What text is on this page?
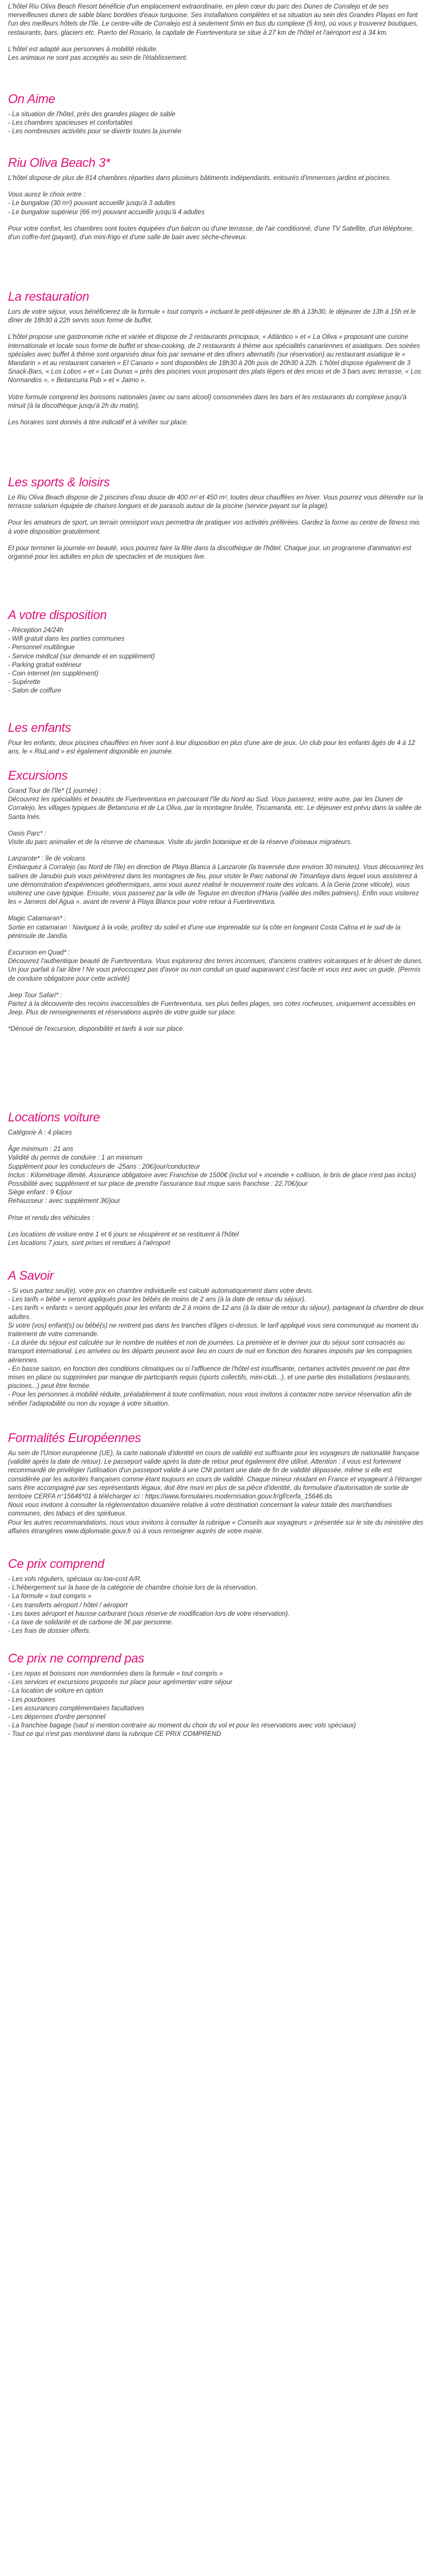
L'hôtel Riu Oliva Beach Resort bénéficie d'un emplacement extraordinaire, en plein cœur du parc des Dunes de Corralejo et de ses merveilleuses dunes de sable blanc bordées d'eaux turquoise. Ses installations complètes et sa situation au sein des Grandes Playas en font l'un des meilleurs hôtels de l'île. Le centre-ville de Corralejo est à seulement 5min en bus du complexe (5 km), où vous y trouverez boutiques, restaurants, bars, glaciers etc. Puerto del Rosario, la capitale de Fuerteventura se situe à 27 km de l'hôtel et l'aéroport est à 34 km.

L'hôtel est adapté aux personnes à mobilité réduite.

Les animaux ne sont pas acceptés au sein de l'établissement.

On Aime

- La situation de l'hôtel, près des grandes plages de sable

- Les chambres spacieuses et confortables

- Les nombreuses activités pour se divertir toutes la journée

Riu Oliva Beach 3*

L'hôtel dispose de plus de 814 chambres réparties dans plusieurs bâtiments indépendants, entourés d'immenses jardins et piscines.

Vous aurez le choix entre :

- Le bungalow (30 m²) pouvant accueillir jusqu'à 3 adultes

- Le bungalow supérieur (66 m²) pouvant accueillir jusqu'à 4 adultes

Pour votre confort, les chambres sont toutes équipées d'un balcon ou d'une terrasse, de l'air conditionné, d'une TV Satellite, d'un téléphone, d'un coffre-fort (payant), d'un mini-frigo et d'une salle de bain avec sèche-cheveux.

La restauration

Lors de votre séjour, vous bénéficierez de la formule « tout compris » incluant le petit-déjeuner de 8h à 13h30, le déjeuner de 13h à 15h et le dîner de 18h30 à 22h servis sous forme de buffet.

L'hôtel propose une gastronomie riche et variée et dispose de 2 restaurants principaux, « Atlántico » et « La Oliva » proposant une cuisine internationale et locale sous forme de buffet et show-cooking, de 2 restaurants à thème aux spécialités canariennes et asiatiques. Des soirées spéciales avec buffet à thème sont organisés deux fois par semaine et des dîners alternatifs (sur réservation) au restaurant asiatique le « Mandarin » et au restaurant canarien « El Canario » sont disponibles de 18h30 à 20h puis de 20h30 à 22h. L'hôtel dispose également de 3 Snack-Bars, « Los Lobos » et « Las Dunas » près des piscines vous proposant des plats légers et des encas et de 3 bars avec terrasse, « Los Normandos », « Betancuria Pub » et « Jaimo ».

Votre formule comprend les boissons nationales (avec ou sans alcool) consommées dans les bars et les restaurants du complexe jusqu'à minuit (à la discothèque jusqu'à 2h du matin).

Les horaires sont donnés à titre indicatif et à vérifier sur place.

Les sports & loisirs

Le Riu Oliva Beach dispose de 2 piscines d'eau douce de 400 m² et 450 m², toutes deux chauffées en hiver. Vous pourrez vous détendre sur la terrasse solarium équipée de chaises longues et de parasols autour de la piscine (service payant sur la plage).

Pour les amateurs de sport, un terrain omnisport vous permettra de pratiquer vos activités préférées. Gardez la forme au centre de fitness mis à votre disposition gratuitement.

Et pour terminer la journée en beauté, vous pourrez faire la fête dans la discothèque de l'hôtel. Chaque jour, un programme d'animation est organisé pour les adultes en plus de spectacles et de musiques live.

A votre disposition

- Réception 24/24h

- Wifi gratuit dans les parties communes

- Personnel multilingue

- Service médical (sur demande et en supplément)

- Parking gratuit extérieur

- Coin internet (en supplément)

- Supérette

- Salon de coiffure

Les enfants

Pour les enfants, deux piscines chauffées en hiver sont à leur disposition en plus d'une aire de jeux. Un club pour les enfants âgés de 4 à 12 ans, le « RiuLand » est également disponible en journée.

Excursions

Grand Tour de l'île* (1 journée) :

Découvrez les spécialités et beautés de Fuerteventura en parcourant l'île du Nord au Sud. Vous passerez, entre autre, par les Dunes de Corralejo, les villages typiques de Betancuria et de La Oliva, par la montagne brulée, Tiscamanita, etc. Le déjeuner est prévu dans la vallée de Santa Inés.

Oasis Parc* :

Visite du parc animalier et de la réserve de chameaux. Visite du jardin botanique et de la réserve d'oiseaux migrateurs.

Lanzarote* : île de volcans

Embarquez à Corralejo (au Nord de l'île) en direction de Playa Blanca à Lanzarote (la traversée dure environ 30 minutes). Vous découvrirez les salines de Janubio puis vous pénètrerez dans les montagnes de feu, pour visiter le Parc national de Timanfaya dans lequel vous assisterez à une démonstration d'expériences géothermiques, ainsi vous aurez réalisé le mouvement route des volcans. A la Geria (zone viticole), vous visiterez une cave typique. Ensuite, vous passerez par la ville de Teguise en direction d'Haria (vallée des milles palmiers). Enfin vous visiterez les « Jameos del Agua », avant de revenir à Playa Blanca pour votre retour à Fuerteventura.

Magic Catamaran* :

Sortie en catamaran : Naviguez à la voile, profitez du soleil et d'une vue imprenable sur la côte en longeant Costa Calma et le sud de la péninsule de Jandía.

Excursion en Quad* :

Découvrez l'authentique beauté de Fuerteventura. Vous explorerez des terres inconnues, d'anciens cratères volcaniques et le désert de dunes. Un jour parfait à l'air libre ! Ne vous préoccupez pas d'avoir ou non conduit un quad auparavant c'est facile et vous irez avec un guide. (Permis de conduire obligatoire pour cette activité)

Jeep Tour Safari* :

Partez à la découverte des recoins inaccessibles de Fuerteventura, ses plus belles plages, ses cotes rocheuses, uniquement accessibles en Jeep. Plus de renseignements et réservations auprès de votre guide sur place.

*Dénoué de l'excursion, disponibilité et tarifs à voir sur place.

Locations voiture

Catégorie A : 4 places

Âge minimum : 21 ans

Validité du permis de conduire : 1 an minimum

Supplément pour les conducteurs de -25ans : 20€/jour/conducteur

Inclus : Kilométrage illimité, Assurance obligatoire avec Franchise de 1500€ (inclut vol + incendie + collision, le bris de glace n'est pas inclus)

Possibilité avec supplément et sur place de prendre l'assurance tout risque sans franchise : 22,70€/jour

Siège enfant : 9 €/jour

Rehausseur : avec supplément 3€/jour

Prise et rendu des véhicules :

Les locations de voiture entre 1 et 6 jours se récupèrent et se restituent à l'hôtel

Les locations 7 jours, sont prises et rendues à l'aéroport

A Savoir

- Si vous partez seul(e), votre prix en chambre individuelle est calculé automatiquement dans votre devis.
- Les tarifs « bébé » seront appliqués pour les bébés de moins de 2 ans (à la date de retour du séjour).
- Les tarifs « enfants » seront appliqués pour les enfants de 2 à moins de 12 ans (à la date de retour du séjour), partageant la chambre de deux adultes.
Si votre (vos) enfant(s) ou bébé(s) ne rentrent pas dans les tranches d'âges ci-dessus, le tarif appliqué vous sera communiqué au moment du traitement de votre commande.
- La durée du séjour est calculée sur le nombre de nuitées et non de journées. La première et le dernier jour du séjour sont consacrés au transport international. Les arrivées ou les départs peuvent avoir lieu en cours de nuit en fonction des horaires imposés par les compagnies aériennes.
- En basse saison, en fonction des conditions climatiques ou si l'affluence de l'hôtel est insuffisante, certaines activités peuvent ne pas être mises en place ou supprimées par manque de participants requis (sports collectifs, mini-club...), et une partie des installations (restaurants, piscines...) peut être fermée.
- Pour les personnes à mobilité réduite, préalablement à toute confirmation, nous vous invitons à contacter notre service réservation afin de vérifier l'adaptabilité ou non du voyage à votre situation.

Formalités Européennes

Au sein de l'Union européenne (UE), la carte nationale d'identité en cours de validité est suffisante pour les voyageurs de nationalité française (validité après la date de retour). Le passeport valide après la date de retour peut également être utilisé. Attention : il vous est fortement recommandé de privilégier l'utilisation d'un passeport valide à une CNI portant une date de fin de validité dépassée, même si elle est considérée par les autorités françaises comme étant toujours en cours de validité. Chaque mineur résidant en France et voyageant à l'étranger sans être accompagné par ses représentants légaux, doit être muni en plus de sa pièce d'identité, du formulaire d'autorisation de sortie de territoire CERFA n°15646*01 à télécharger ici : https://www.formulaires.modernisation.gouv.fr/gf/cerfa_15646.do.
Nous vous invitons à consulter la réglementation douanière relative à votre destination concernant la valeur totale des marchandises communes, des tabacs et des spiritueux.
Pour les autres recommandations, nous vous invitons à consulter la rubrique « Conseils aux voyageurs » présentée sur le site du ministère des affaires étrangères www.diplomatie.gouv.fr où à vous renseigner auprès de votre mairie.

Ce prix comprend

- Les vols réguliers, spéciaux ou low-cost A/R.

- L'hébergement sur la base de la catégorie de chambre choisie lors de la réservation.

- La formule « tout compris »

- Les transferts aéroport / hôtel / aéroport

- Les taxes aéroport et hausse carburant (sous réserve de modification lors de votre réservation).

- La taxe de solidarité et de carbone de 3€ par personne.

- Les frais de dossier offerts.

Ce prix ne comprend pas

- Les repas et boissons non mentionnées dans la formule « tout compris »

- Les services et excursions proposés sur place pour agrémenter votre séjour

- La location de voiture en option

- Les pourboires

- Les assurances complémentaires facultatives

- Les dépenses d'ordre personnel

- La franchise bagage (sauf si mention contraire au moment du choix du vol et pour les réservations avec vols spéciaux)

- Tout ce qui n'est pas mentionné dans la rubrique CE PRIX COMPREND
